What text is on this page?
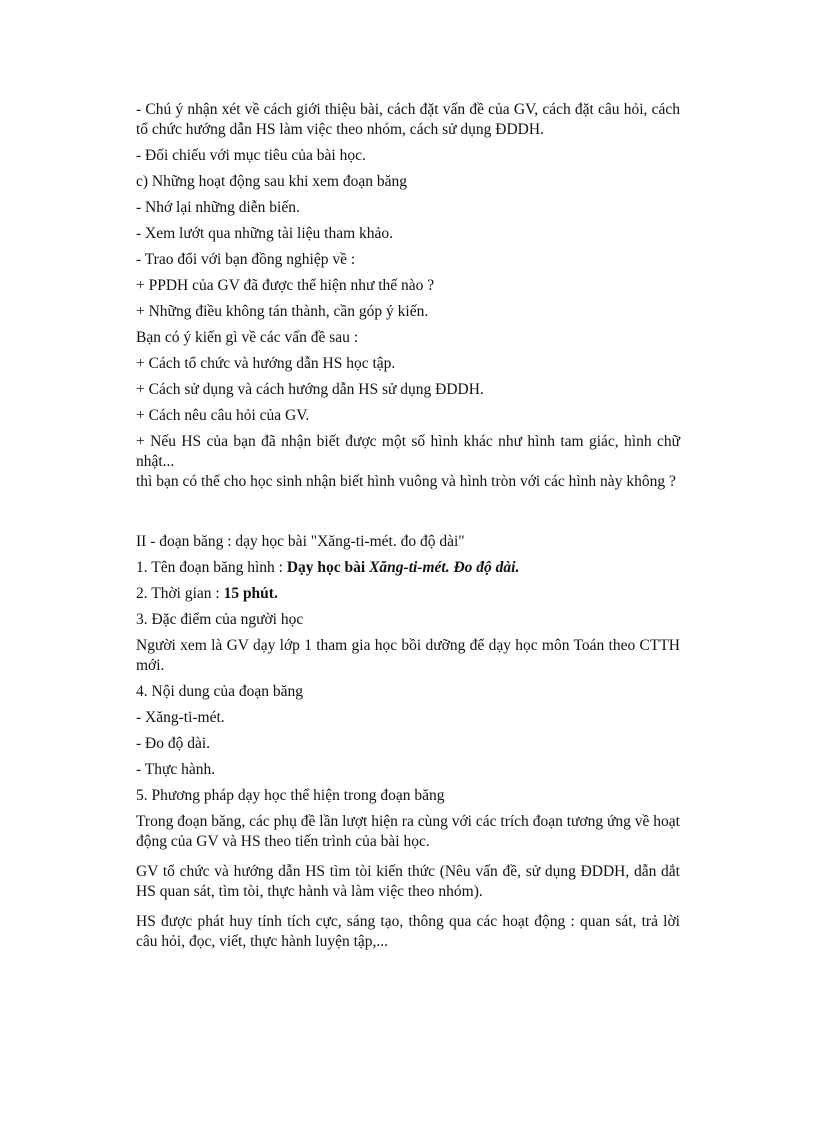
- Chú ý nhận xét về cách giới thiệu bài, cách đặt vấn đề của GV, cách đặt câu hỏi, cách tổ chức hướng dẫn HS làm việc theo nhóm, cách sử dụng ĐDDH.

- Đối chiếu với mục tiêu của bài học.

c) Những hoạt động sau khi xem đoạn băng

- Nhớ lại những diễn biến.

- Xem lướt qua những tài liệu tham khảo.

- Trao đổi với bạn đồng nghiệp về :

+ PPDH của GV đã được thể hiện như thế nào ?

+ Những điều không tán thành, cần góp ý kiến.

Bạn có ý kiến gì về các vấn đề sau :

+ Cách tổ chức và hướng dẫn HS học tập.

+ Cách sử dụng và cách hướng dẫn HS sử dụng ĐDDH.

+ Cách nêu câu hỏi của GV.

+ Nếu HS của bạn đã nhận biết được một số hình khác như hình tam giác, hình chữ nhật...

thì bạn có thể cho học sinh nhận biết hình vuông và hình tròn với các hình này không ?

II - đoạn băng : dạy học bài "Xăng-ti-mét. đo độ dài"

1. Tên đoạn băng hình : Dạy học bài Xăng-ti-mét. Đo độ dài.

2. Thời gian : 15 phút.

3. Đặc điểm của người học

Người xem là GV dạy lớp 1 tham gia học bồi dưỡng để dạy học môn Toán theo CTTH mới.

4. Nội dung của đoạn băng

- Xăng-ti-mét.

- Đo độ dài.

- Thực hành.

5. Phương pháp dạy học thể hiện trong đoạn băng

Trong đoạn băng, các phụ đề lần lượt hiện ra cùng với các trích đoạn tương ứng về hoạt động của GV và HS theo tiến trình của bài học.

GV tổ chức và hướng dẫn HS tìm tòi kiến thức (Nêu vấn đề, sử dụng ĐDDH, dẫn dắt HS quan sát, tìm tòi, thực hành và làm việc theo nhóm).

HS được phát huy tính tích cực, sáng tạo, thông qua các hoạt động : quan sát, trả lời câu hỏi, đọc, viết, thực hành luyện tập,...
